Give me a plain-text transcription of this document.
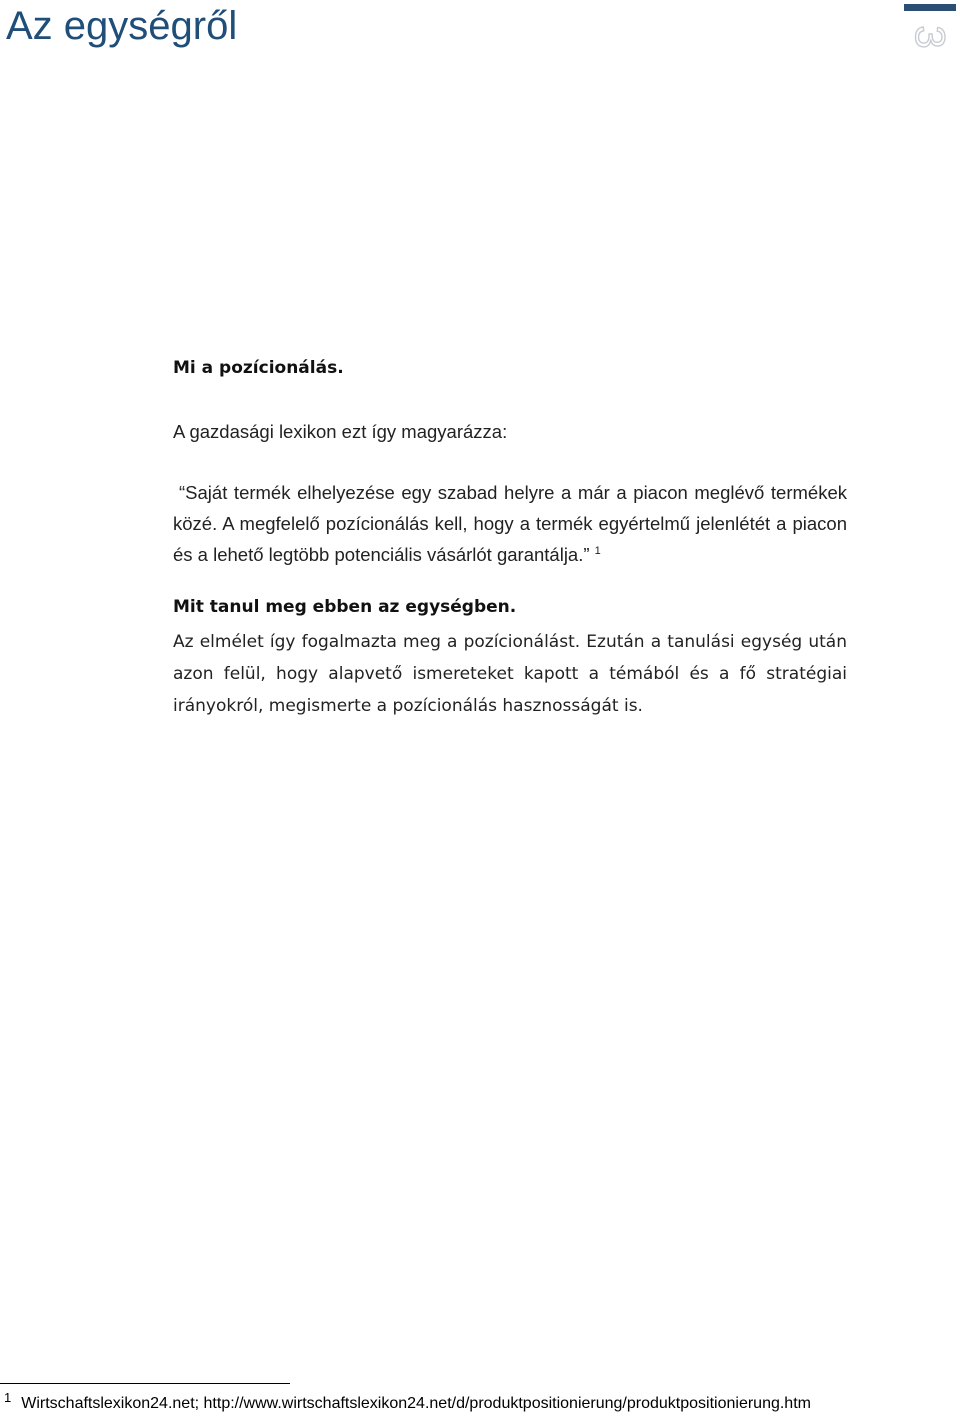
Az egységről	3

Mi a pozícionálás.

A gazdasági lexikon ezt így magyarázza:

“Saját termék elhelyezése egy szabad helyre a már a piacon meglévő termékek közé. A megfelelő pozícionálás kell, hogy a termék egyértelmű jelenlétét a piacon és a lehető legtöbb potenciális vásárlót garantálja.” $^1$

Mit tanul meg ebben az egységben.

Az elmélet így fogalmazta meg a pozícionálást. Ezután a tanulási egység után azon felül, hogy alapvető ismereteket kapott a témából és a fő stratégiai irányokról, megismerte a pozícionálás hasznosságát is.

$^1$ Wirtschaftslexikon24.net; http://www.wirtschaftslexikon24.net/d/produktpositionierung/produktpositionierung.htm
